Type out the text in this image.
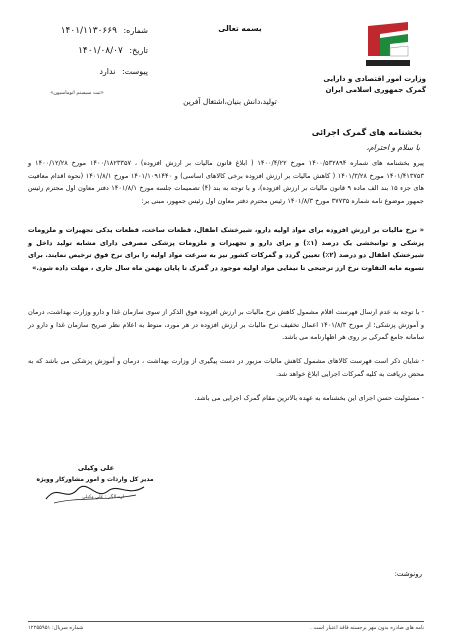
بسمه تعالی
وزارت امور اقتصادی و دارایی
گمرک جمهوری اسلامی ایران
شماره: ۱۴۰۱/۱۱۳۰۶۶۹
تاریخ: ۱۴۰۱/۰۸/۰۷
پیوست: ندارد
«ثبت سیستم اتوماسیون»
تولید،دانش بنیان،اشتغال آفرین
بخشنامه های گمرک اجرائی
با سلام و احترام،
پیرو بخشنامه های شماره ۱۴۰۰/۵۳۲۸۹۴ مورخ ۱۴۰۰/۴/۲۲ ( ابلاغ قانون مالیات بر ارزش افزوده) ، ۱۴۰۰/۱۸۲۳۳۵۷ مورخ ۱۴۰۰/۱۲/۲۸ و ۱۴۰۱/۴۱۳۷۵۳ مورخ ۱۴۰۱/۳/۲۸ ( کاهش مالیات بر ارزش افزوده برخی کالاهای اساسی) و ۱۴۰۱/۱۰۹۱۴۴۰ مورخ ۱۴۰۱/۸/۱ (نحوه اقدام معافیت های جزء ۱۵ بند الف ماده ۹ قانون مالیات بر ارزش افزوده)، و با توجه به بند (۴) تصمیمات جلسه مورخ ۱۴۰۱/۸/۱ دفتر معاون اول محترم رئیس جمهور موضوع نامه شماره ۳۷۷۳۵ مورخ ۱۴۰۱/۸/۳ رئیس محترم دفتر معاون اول رئیس جمهور، مبنی بر:
« نرخ مالیات بر ارزش افزوده برای مواد اولیه دارو، شیرخشک اطفال، قطعات ساخت، قطعات یدکی تجهیزات و ملزومات پزشکی و توانبخشی یک درصد (۱٪) و برای دارو و تجهیزات و ملزومات پزشکی مصرفی دارای مشابه تولید داخل و شیرخشک اطفال دو درصد (۲٪) تعیین گردد و گمرکات کشور نیز به سرعت مواد اولیه را برای نرخ فوق ترخیص نمایند. برای تسویه مابه التفاوت نرخ ارز ترجیحی تا نیمایی مواد اولیه موجود در گمرک تا پایان بهمن ماه سال جاری ، مهلت داده شود.»
- با توجه به عدم ارسال فهرست اقلام مشمول کاهش نرخ مالیات بر ارزش افزوده فوق الذکر از سوی سازمان غذا و دارو وزارت بهداشت، درمان و آموزش پزشکی؛ از مورخ ۱۴۰۱/۸/۳ اعمال تخفیف نرخ مالیات بر ارزش افزوده در هر مورد، منوط به اعلام نظر صریح سازمان غذا و دارو در سامانه جامع گمرکی بر روی هر اظهارنامه می باشد.
- شایان ذکر است فهرست کالاهای مشمول کاهش مالیات مزبور در دست پیگیری از وزارت بهداشت ، درمان و آموزش پزشکی می باشد که به محض دریافت به کلیه گمرکات اجرایی ابلاغ خواهد شد.
- مسئولیت حسن اجرای این بخشنامه به عهده بالاترین مقام گمرک اجرایی می باشد.
علی وکیلی
مدیر کل واردات و امور مشاورکار وویژه
ارسالگر : علی وکیلی
رونوشت:
نامه های صادره بدون مهر برجسته فاقد اعتبار است .
شماره سریال: ۱۲۲۵۵۹۵۱
